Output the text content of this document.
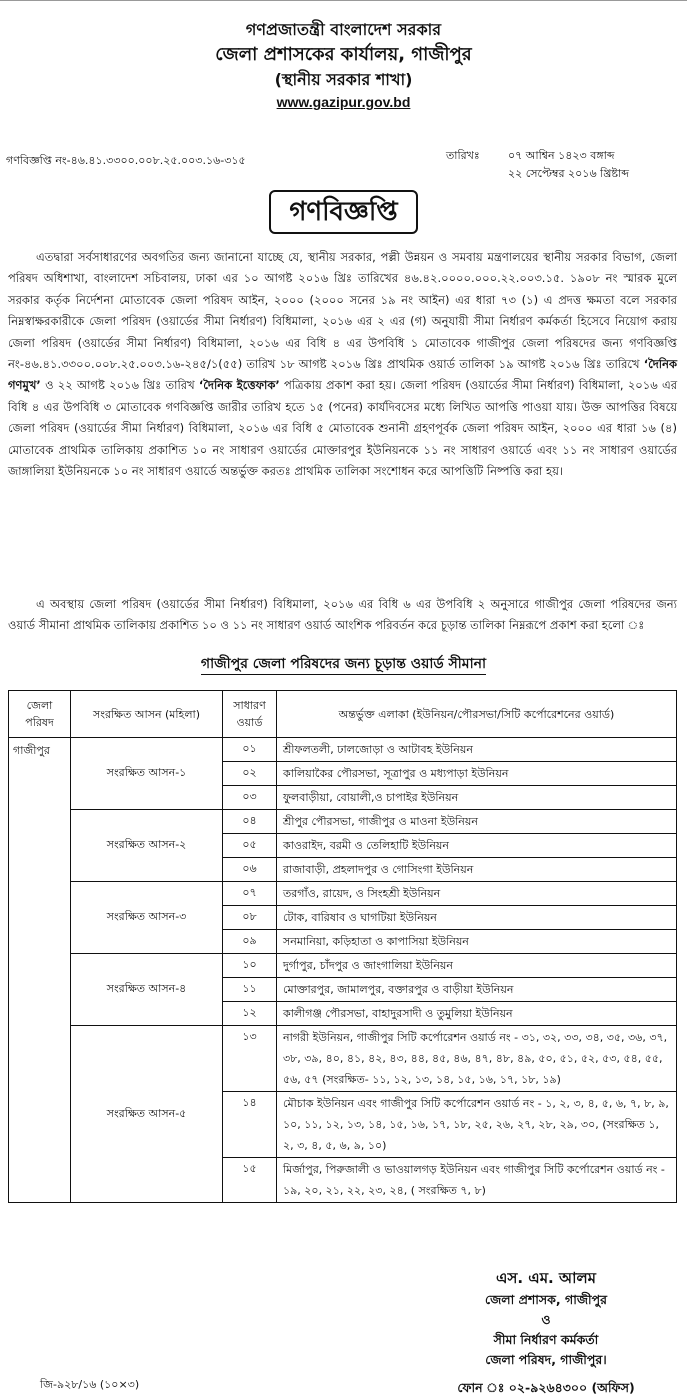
গণপ্রজাতন্ত্রী বাংলাদেশ সরকার
জেলা প্রশাসকের কার্যালয়, গাজীপুর
(স্থানীয় সরকার শাখা)
www.gazipur.gov.bd
গণবিজ্ঞপ্তি নং-৪৬.৪১.৩৩০০.০০৮.২৫.০০৩.১৬-৩১৫	তারিখঃ	০৭ আশ্বিন ১৪২৩ বঙ্গাব্দ
২২ সেপ্টেম্বর ২০১৬ খ্রিষ্টাব্দ
গণবিজ্ঞপ্তি

এতদ্বারা সর্বসাধারণের অবগতির জন্য জানানো যাচ্ছে যে, স্থানীয় সরকার, পল্লী উন্নয়ন ও সমবায় মন্ত্রণালয়ের স্থানীয় সরকার বিভাগ, জেলা পরিষদ অধিশাখা, বাংলাদেশ সচিবালয়, ঢাকা এর ১০ আগষ্ট ২০১৬ খ্রিঃ তারিখের ৪৬.৪২.০০০০.০০০.২২.০০৩.১৫. ১৯০৮ নং স্মারক মুলে সরকার কর্তৃক নির্দেশনা মোতাবেক জেলা পরিষদ আইন, ২০০০ (২০০০ সনের ১৯ নং আইন) এর ধারা ৭৩ (১) এ প্রদত্ত ক্ষমতা বলে সরকার নিম্নস্বাক্ষরকারীকে জেলা পরিষদ (ওয়ার্ডের সীমা নির্ধারণ) বিধিমালা, ২০১৬ এর ২ এর (গ) অনুযায়ী সীমা নির্ধারণ কর্মকর্তা হিসেবে নিয়োগ করায় জেলা পরিষদ (ওয়ার্ডের সীমা নির্ধারণ) বিধিমালা, ২০১৬ এর বিধি ৪ এর উপবিধি ১ মোতাবেক গাজীপুর জেলা পরিষদের জন্য গণবিজ্ঞপ্তি নং-৪৬.৪১.৩৩০০.০০৮.২৫.০০৩.১৬-২৪৫/১(৫৫) তারিখ ১৮ আগষ্ট ২০১৬ খ্রিঃ প্রাথমিক ওয়ার্ড তালিকা ১৯ আগষ্ট ২০১৬ খ্রিঃ তারিখে ‘দৈনিক গণমুখ’ ও ২২ আগষ্ট ২০১৬ খ্রিঃ তারিখ ‘দৈনিক ইত্তেফাক’ পত্রিকায় প্রকাশ করা হয়। জেলা পরিষদ (ওয়ার্ডের সীমা নির্ধারণ) বিধিমালা, ২০১৬ এর বিধি ৪ এর উপবিধি ৩ মোতাবেক গণবিজ্ঞপ্তি জারীর তারিখ হতে ১৫ (পনের) কার্যদিবসের মধ্যে লিখিত আপত্তি পাওয়া যায়। উক্ত আপত্তির বিষয়ে জেলা পরিষদ (ওয়ার্ডের সীমা নির্ধারণ) বিধিমালা, ২০১৬ এর বিধি ৫ মোতাবেক শুনানী গ্রহণপূর্বক জেলা পরিষদ আইন, ২০০০ এর ধারা ১৬ (৪) মোতাবেক প্রাথমিক তালিকায় প্রকাশিত ১০ নং সাধারণ ওয়ার্ডের মোক্তারপুর ইউনিয়নকে ১১ নং সাধারণ ওয়ার্ডে এবং ১১ নং সাধারণ ওয়ার্ডের জাঙ্গালিয়া ইউনিয়নকে ১০ নং সাধারণ ওয়ার্ডে অন্তর্ভুক্ত করতঃ প্রাথমিক তালিকা সংশোধন করে আপত্তিটি নিষ্পত্তি করা হয়।

এ অবস্থায় জেলা পরিষদ (ওয়ার্ডের সীমা নির্ধারণ) বিধিমালা, ২০১৬ এর বিধি ৬ এর উপবিধি ২ অনুসারে গাজীপুর জেলা পরিষদের জন্য ওয়ার্ড সীমানা প্রাথমিক তালিকায় প্রকাশিত ১০ ও ১১ নং সাধারণ ওয়ার্ড আংশিক পরিবর্তন করে চূড়ান্ত তালিকা নিম্নরূপে প্রকাশ করা হলো ঃ

গাজীপুর জেলা পরিষদের জন্য চূড়ান্ত ওয়ার্ড সীমানা
জেলা পরিষদ	সংরক্ষিত আসন (মহিলা)	সাধারণ ওয়ার্ড	অন্তর্ভুক্ত এলাকা (ইউনিয়ন/পৌরসভা/সিটি কর্পোরেশনের ওয়ার্ড)
গাজীপুর	সংরক্ষিত আসন-১	০১	শ্রীফলতলী, ঢালজোড়া ও আটাবহ ইউনিয়ন
		০২	কালিয়াকৈর পৌরসভা, সূত্রাপুর ও মধ্যপাড়া ইউনিয়ন
		০৩	ফুলবাড়ীয়া, বোয়ালী,ও চাপাইর ইউনিয়ন
	সংরক্ষিত আসন-২	০৪	শ্রীপুর পৌরসভা, গাজীপুর ও মাওনা ইউনিয়ন
		০৫	কাওরাইদ, বরমী ও তেলিহাটি ইউনিয়ন
		০৬	রাজাবাড়ী, প্রহলাদপুর ও গোসিংগা ইউনিয়ন
	সংরক্ষিত আসন-৩	০৭	তরগাঁও, রায়েদ, ও সিংহশ্রী ইউনিয়ন
		০৮	টোক, বারিষাব ও ঘাগটিয়া ইউনিয়ন
		০৯	সনমানিয়া, কড়িহাতা ও কাপাসিয়া ইউনিয়ন
	সংরক্ষিত আসন-৪	১০	দুর্গাপুর, চাঁদপুর ও জাংগালিয়া ইউনিয়ন
		১১	মোক্তারপুর, জামালপুর, বক্তারপুর ও বাড়ীয়া ইউনিয়ন
		১২	কালীগঞ্জ পৌরসভা, বাহাদুরসাদী ও তুমুলিয়া ইউনিয়ন
	সংরক্ষিত আসন-৫	১৩	নাগরী ইউনিয়ন, গাজীপুর সিটি কর্পোরেশন ওয়ার্ড নং - ৩১, ৩২, ৩৩, ৩৪, ৩৫, ৩৬, ৩৭, ৩৮, ৩৯, ৪০, ৪১, ৪২, ৪৩, ৪৪, ৪৫, ৪৬, ৪৭, ৪৮, ৪৯, ৫০, ৫১, ৫২, ৫৩, ৫৪, ৫৫, ৫৬, ৫৭ (সংরক্ষিত- ১১, ১২, ১৩, ১৪, ১৫, ১৬, ১৭, ১৮, ১৯)
		১৪	মৌচাক ইউনিয়ন এবং গাজীপুর সিটি কর্পোরেশন ওয়ার্ড নং - ১, ২, ৩, ৪, ৫, ৬, ৭, ৮, ৯, ১০, ১১, ১২, ১৩, ১৪, ১৫, ১৬, ১৭, ১৮, ২৫, ২৬, ২৭, ২৮, ২৯, ৩০, (সংরক্ষিত ১, ২, ৩, ৪, ৫, ৬, ৯, ১০)
		১৫	মির্জাপুর, পিরুজালী ও ভাওয়ালগড় ইউনিয়ন এবং গাজীপুর সিটি কর্পোরেশন ওয়ার্ড নং - ১৯, ২০, ২১, ২২, ২৩, ২৪, ( সংরক্ষিত ৭, ৮)
এস. এম. আলম
জেলা প্রশাসক, গাজীপুর
ও
সীমা নির্ধারণ কর্মকর্তা
জেলা পরিষদ, গাজীপুর।
ফোন ঃ ০২-৯২৬৪৩০০ (অফিস)
জি-৯২৮/১৬ (১০×৩)
